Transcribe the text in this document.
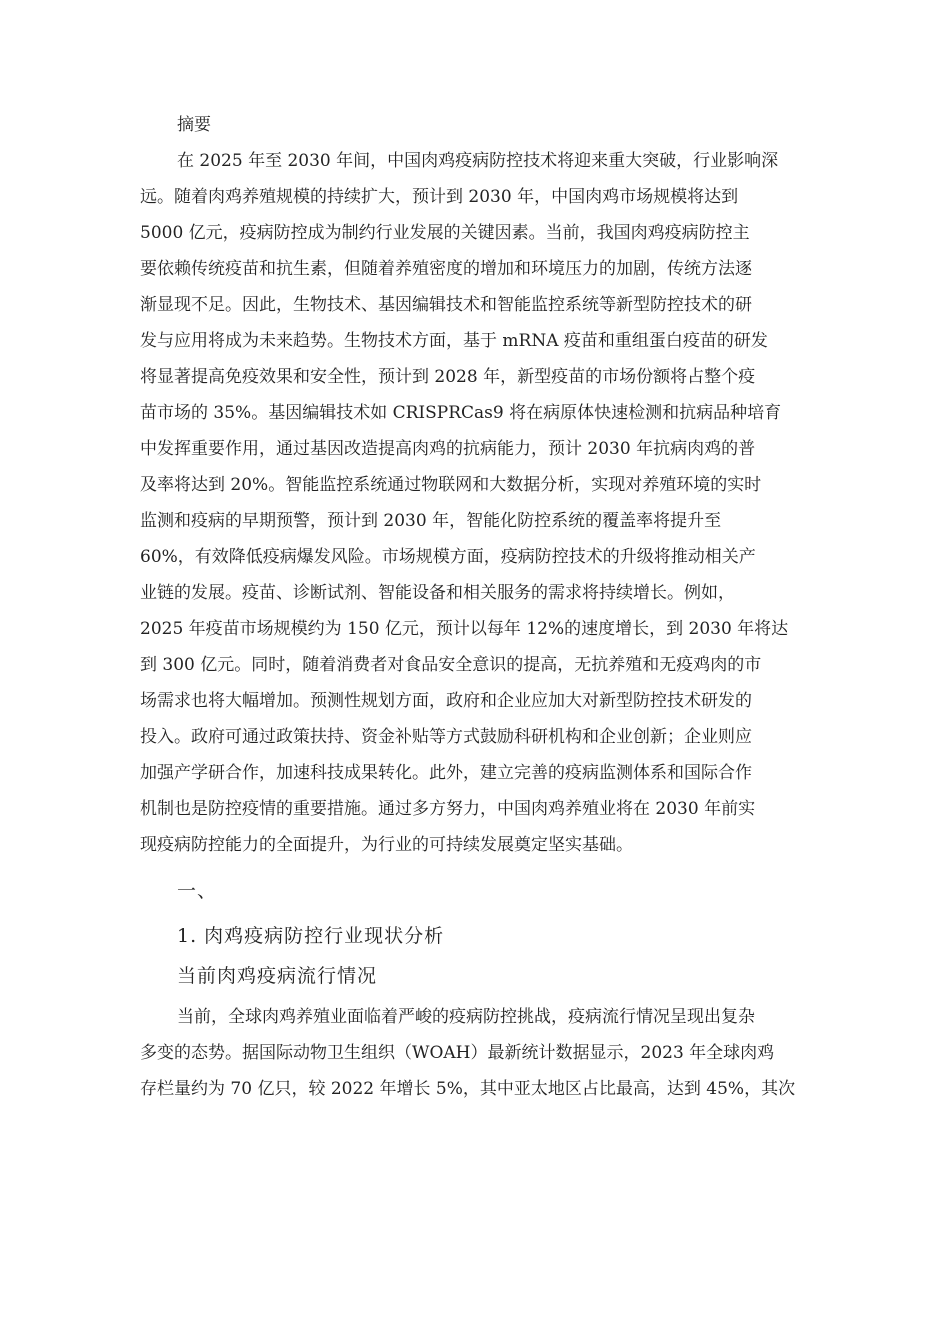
摘要
在 2025 年至 2030 年间，中国肉鸡疫病防控技术将迎来重大突破，行业影响深
远。随着肉鸡养殖规模的持续扩大，预计到 2030 年，中国肉鸡市场规模将达到
5000 亿元，疫病防控成为制约行业发展的关键因素。当前，我国肉鸡疫病防控主
要依赖传统疫苗和抗生素，但随着养殖密度的增加和环境压力的加剧，传统方法逐
渐显现不足。因此，生物技术、基因编辑技术和智能监控系统等新型防控技术的研
发与应用将成为未来趋势。生物技术方面，基于 mRNA 疫苗和重组蛋白疫苗的研发
将显著提高免疫效果和安全性，预计到 2028 年，新型疫苗的市场份额将占整个疫
苗市场的 35%。基因编辑技术如 CRISPRCas9 将在病原体快速检测和抗病品种培育
中发挥重要作用，通过基因改造提高肉鸡的抗病能力，预计 2030 年抗病肉鸡的普
及率将达到 20%。智能监控系统通过物联网和大数据分析，实现对养殖环境的实时
监测和疫病的早期预警，预计到 2030 年，智能化防控系统的覆盖率将提升至
60%，有效降低疫病爆发风险。市场规模方面，疫病防控技术的升级将推动相关产
业链的发展。疫苗、诊断试剂、智能设备和相关服务的需求将持续增长。例如，
2025 年疫苗市场规模约为 150 亿元，预计以每年 12%的速度增长，到 2030 年将达
到 300 亿元。同时，随着消费者对食品安全意识的提高，无抗养殖和无疫鸡肉的市
场需求也将大幅增加。预测性规划方面，政府和企业应加大对新型防控技术研发的
投入。政府可通过政策扶持、资金补贴等方式鼓励科研机构和企业创新；企业则应
加强产学研合作，加速科技成果转化。此外，建立完善的疫病监测体系和国际合作
机制也是防控疫情的重要措施。通过多方努力，中国肉鸡养殖业将在 2030 年前实
现疫病防控能力的全面提升，为行业的可持续发展奠定坚实基础。
一、
1. 肉鸡疫病防控行业现状分析
当前肉鸡疫病流行情况
当前，全球肉鸡养殖业面临着严峻的疫病防控挑战，疫病流行情况呈现出复杂
多变的态势。据国际动物卫生组织（WOAH）最新统计数据显示，2023 年全球肉鸡
存栏量约为 70 亿只，较 2022 年增长 5%，其中亚太地区占比最高，达到 45%，其次
